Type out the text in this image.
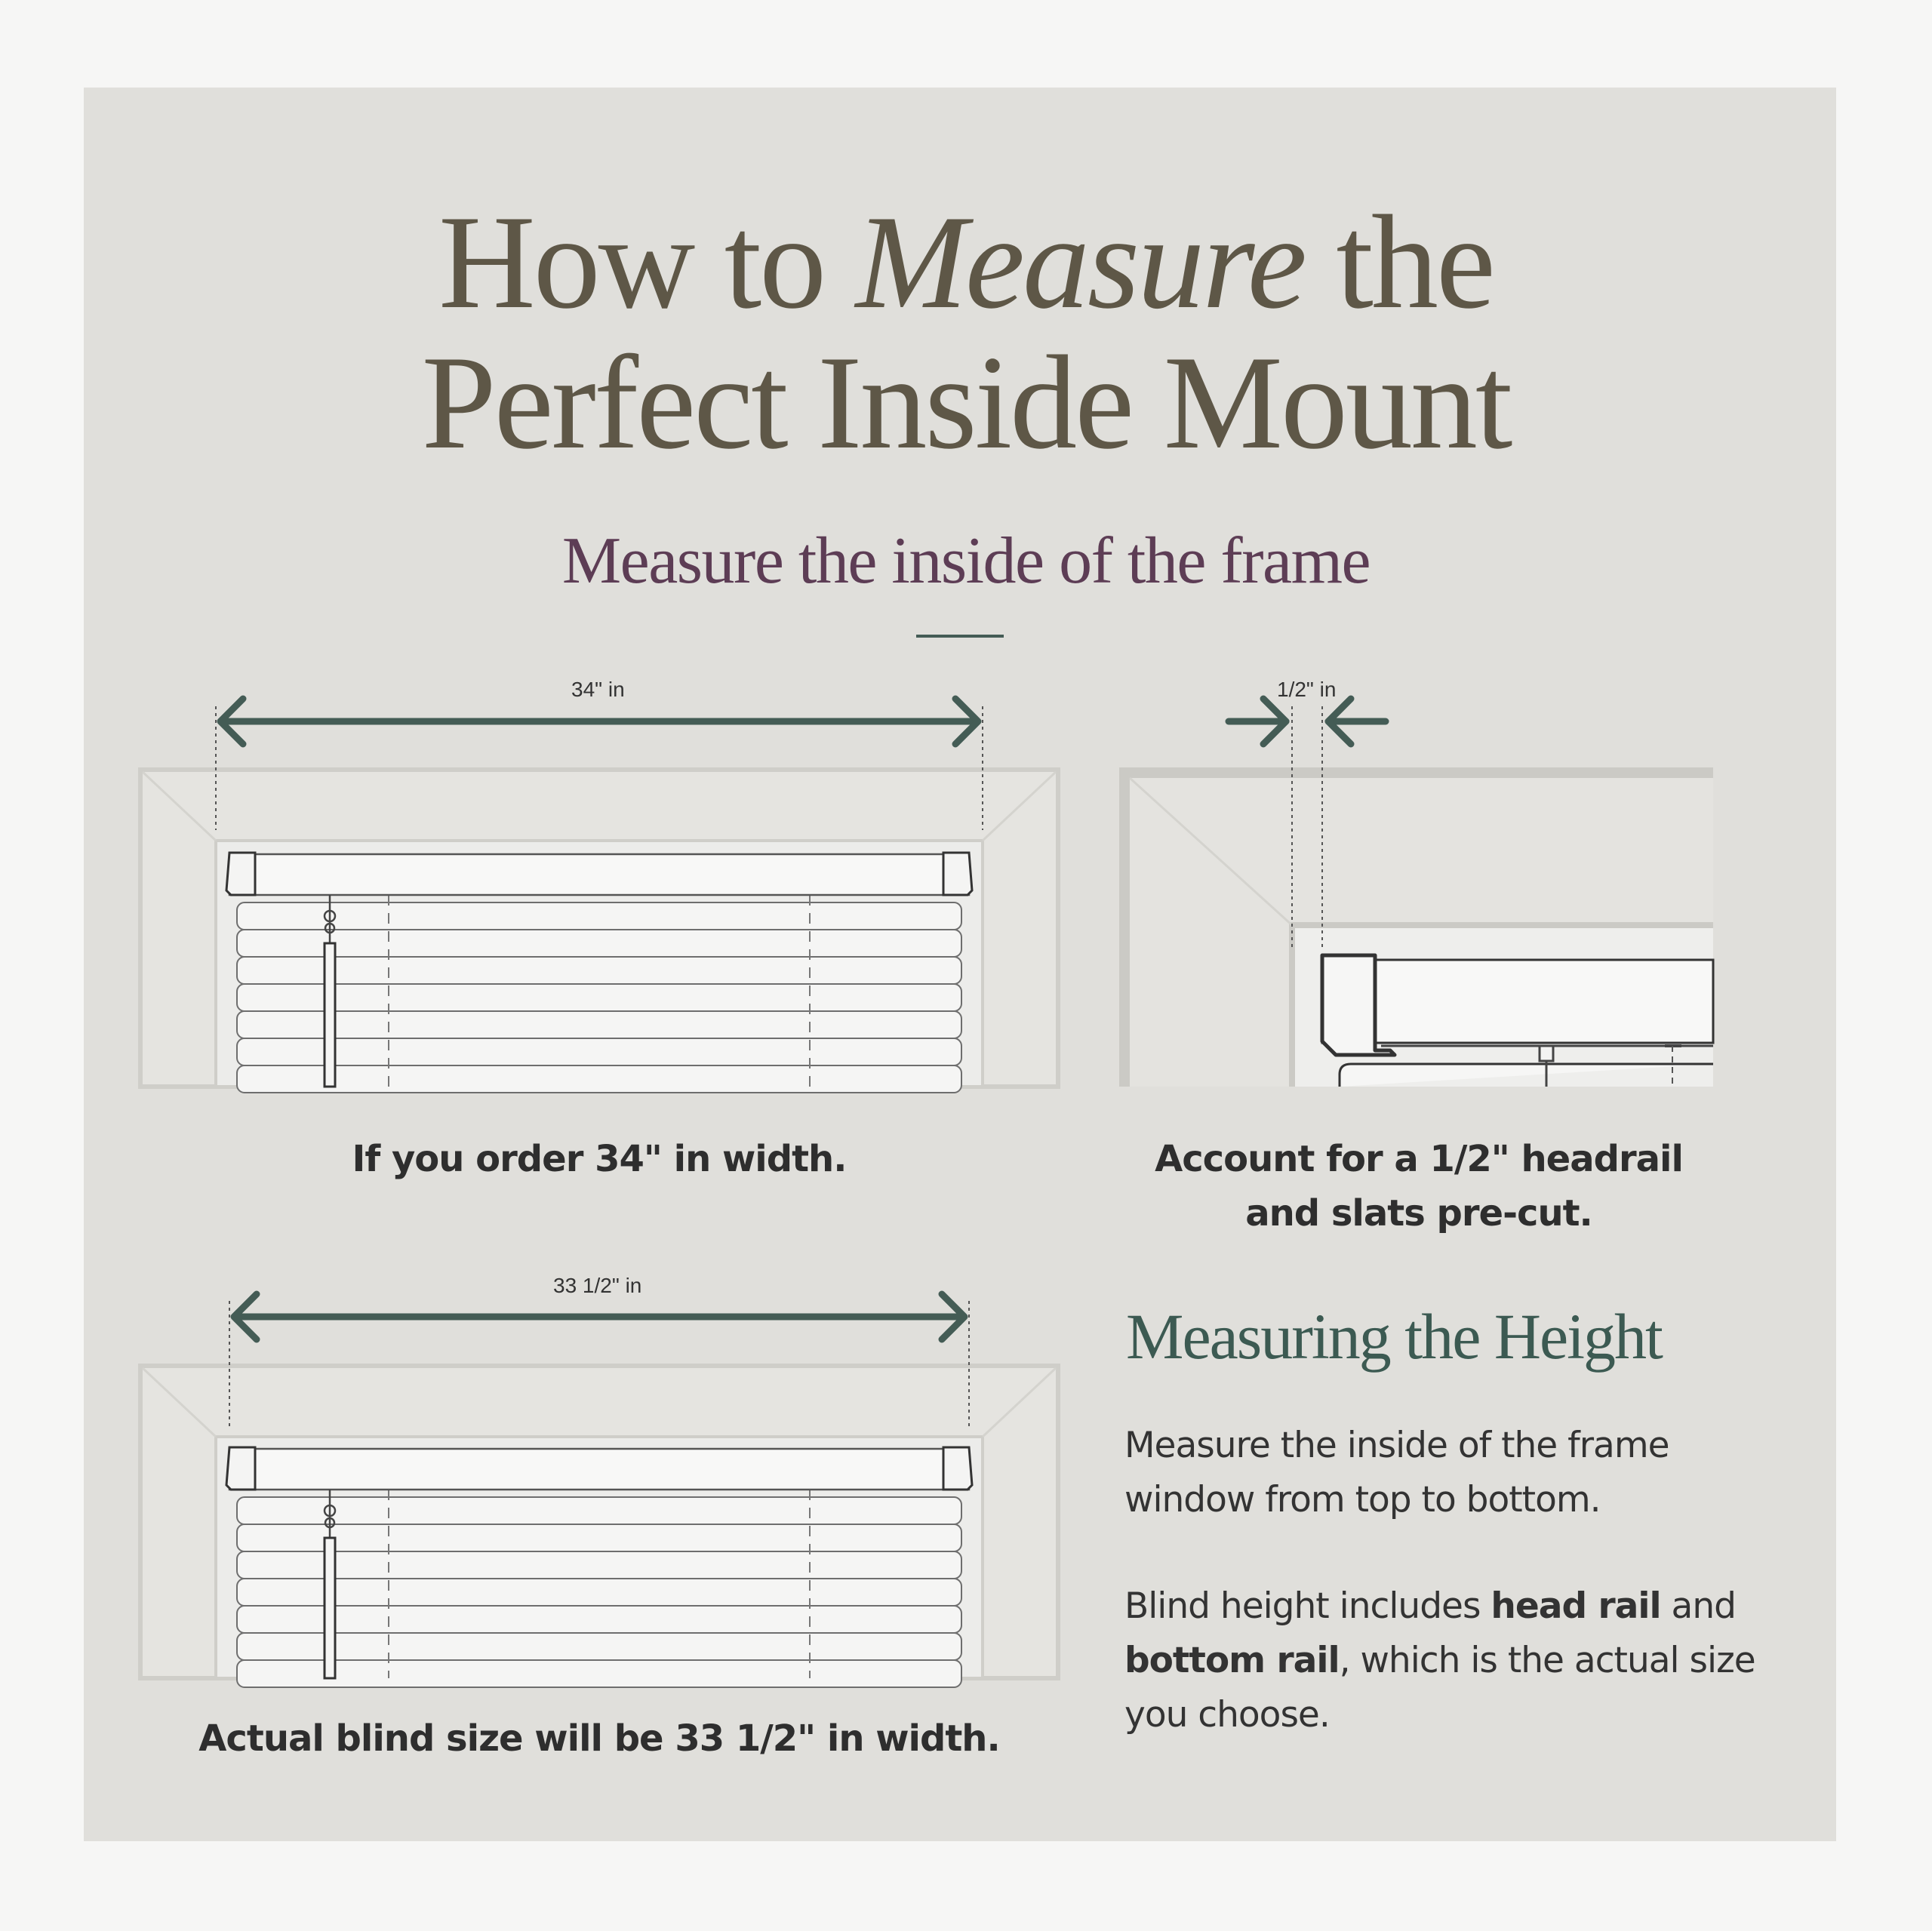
How to Measure the
Perfect Inside Mount
Measure the inside of the frame
34" in
If you order 34" in width.
1/2" in
Account for a 1/2" headrail
and slats pre-cut.
33 1/2" in
Actual blind size will be 33 1/2" in width.
Measuring the Height
Measure the inside of the frame window from top to bottom.
Blind height includes head rail and bottom rail, which is the actual size you choose.
